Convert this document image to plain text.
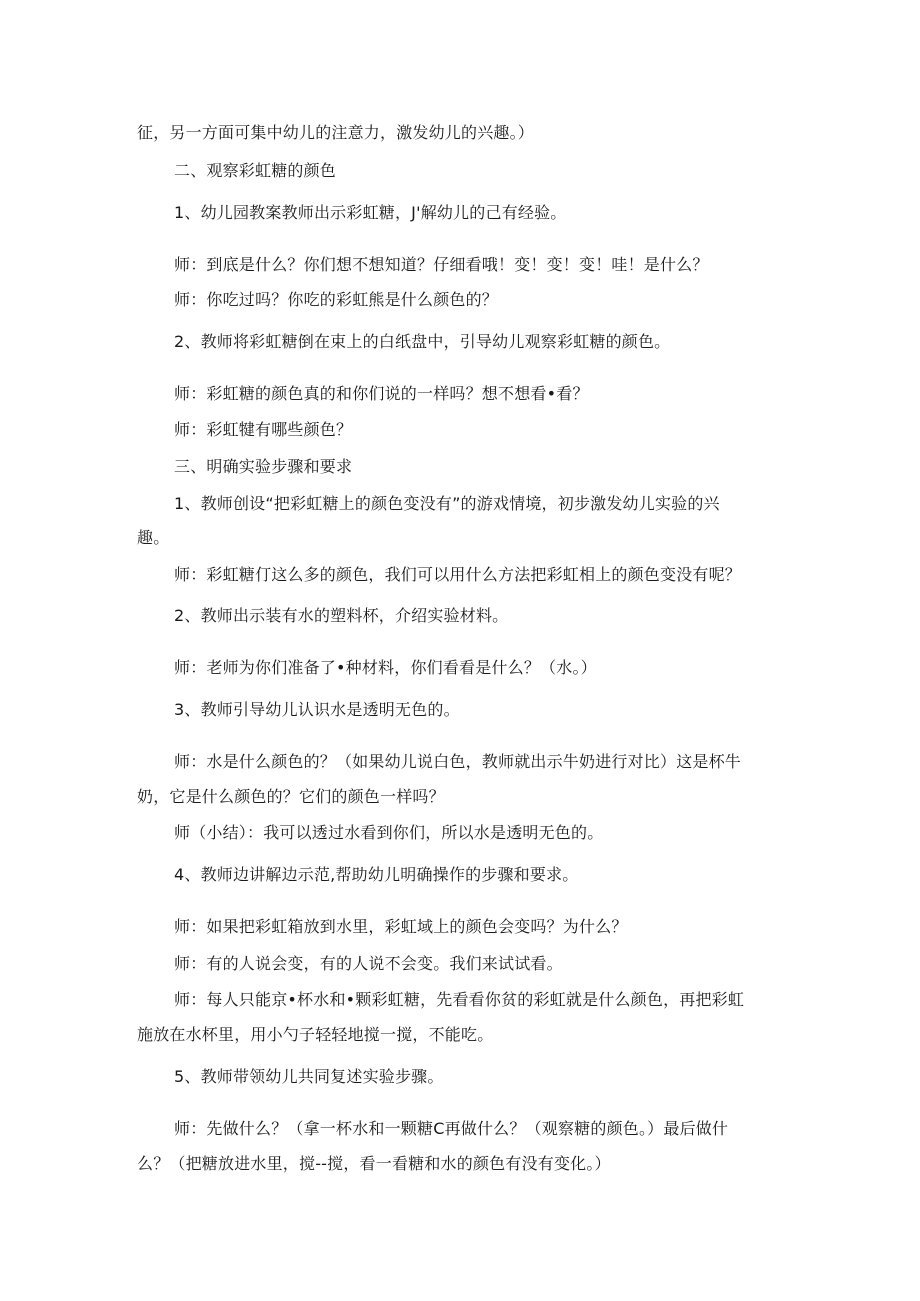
征，另一方面可集中幼儿的注意力，激发幼儿的兴趣。）

二、观察彩虹糖的颜色

1、幼儿园教案教师出示彩虹糖，J'解幼儿的己有经验。

师：到底是什么？你们想不想知道？仔细看哦！变！变！变！哇！是什么？

师：你吃过吗？你吃的彩虹熊是什么颜色的？

2、教师将彩虹糖倒在束上的白纸盘中，引导幼儿观察彩虹糖的颜色。

师：彩虹糖的颜色真的和你们说的一样吗？想不想看•看？

师：彩虹犍有哪些颜色？

三、明确实验步骤和要求

1、教师创设“把彩虹糖上的颜色变没有”的游戏情境，初步激发幼儿实验的兴

趣。

师：彩虹糖仃这么多的颜色，我们可以用什么方法把彩虹相上的颜色变没有呢？

2、教师出示装有水的塑料杯，介绍实验材料。

师：老师为你们准备了•种材料，你们看看是什么？（水。）

3、教师引导幼儿认识水是透明无色的。

师：水是什么颜色的？（如果幼儿说白色，教师就出示牛奶进行对比）这是杯牛

奶，它是什么颜色的？它们的颜色一样吗？

师（小结）：我可以透过水看到你们，所以水是透明无色的。

4、教师边讲解边示范,帮助幼儿明确操作的步骤和要求。

师：如果把彩虹箱放到水里，彩虹域上的颜色会变吗？为什么？

师：有的人说会变，有的人说不会变。我们来试试看。

师：每人只能京•杯水和•颗彩虹糖，先看看你贫的彩虹就是什么颜色，再把彩虹

施放在水杯里，用小勺子轻轻地搅一搅，不能吃。

5、教师带领幼儿共同复述实验步骤。

师：先做什么？（拿一杯水和一颗糖C再做什么？（观察糖的颜色。）最后做什

么？（把糖放进水里，搅--搅，看一看糖和水的颜色有没有变化。）
